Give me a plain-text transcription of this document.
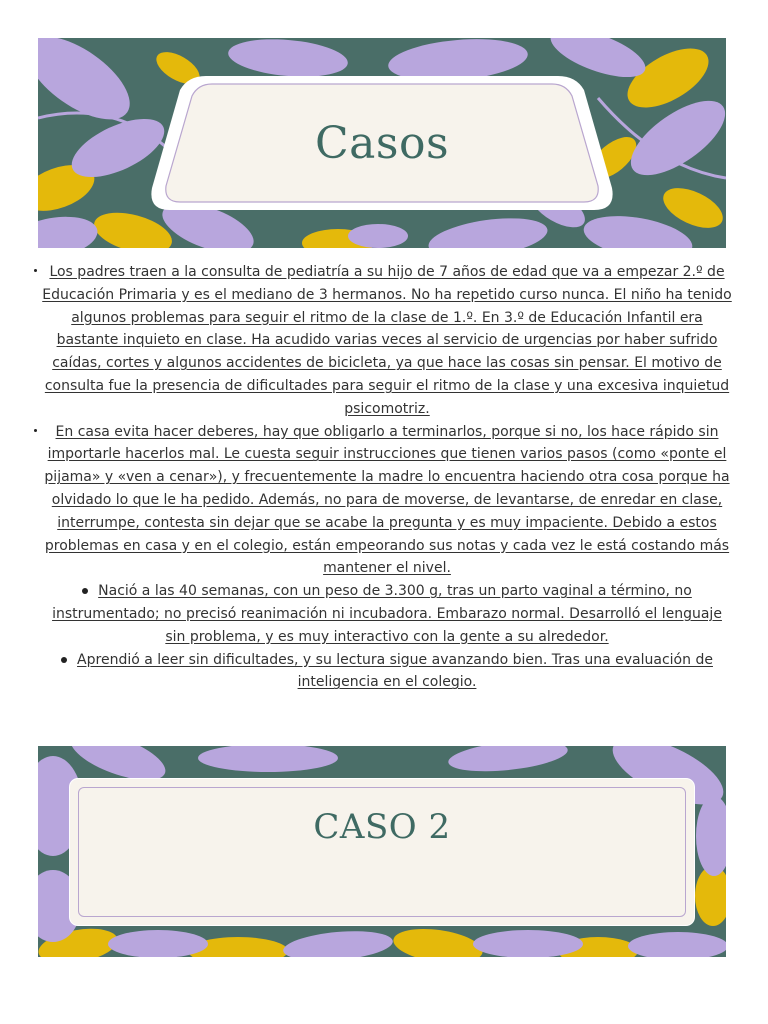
Casos

Los padres traen a la consulta de pediatría a su hijo de 7 años de edad que va a empezar 2.º de Educación Primaria y es el mediano de 3 hermanos. No ha repetido curso nunca. El niño ha tenido algunos problemas para seguir el ritmo de la clase de 1.º. En 3.º de Educación Infantil era bastante inquieto en clase. Ha acudido varias veces al servicio de urgencias por haber sufrido caídas, cortes y algunos accidentes de bicicleta, ya que hace las cosas sin pensar. El motivo de consulta fue la presencia de dificultades para seguir el ritmo de la clase y una excesiva inquietud psicomotriz.

En casa evita hacer deberes, hay que obligarlo a terminarlos, porque si no, los hace rápido sin importarle hacerlos mal. Le cuesta seguir instrucciones que tienen varios pasos (como «ponte el pijama» y «ven a cenar»), y frecuentemente la madre lo encuentra haciendo otra cosa porque ha olvidado lo que le ha pedido. Además, no para de moverse, de levantarse, de enredar en clase, interrumpe, contesta sin dejar que se acabe la pregunta y es muy impaciente. Debido a estos problemas en casa y en el colegio, están empeorando sus notas y cada vez le está costando más mantener el nivel.

Nació a las 40 semanas, con un peso de 3.300 g, tras un parto vaginal a término, no instrumentado; no precisó reanimación ni incubadora. Embarazo normal. Desarrolló el lenguaje sin problema, y es muy interactivo con la gente a su alrededor.

Aprendió a leer sin dificultades, y su lectura sigue avanzando bien. Tras una evaluación de inteligencia en el colegio.

CASO 2
